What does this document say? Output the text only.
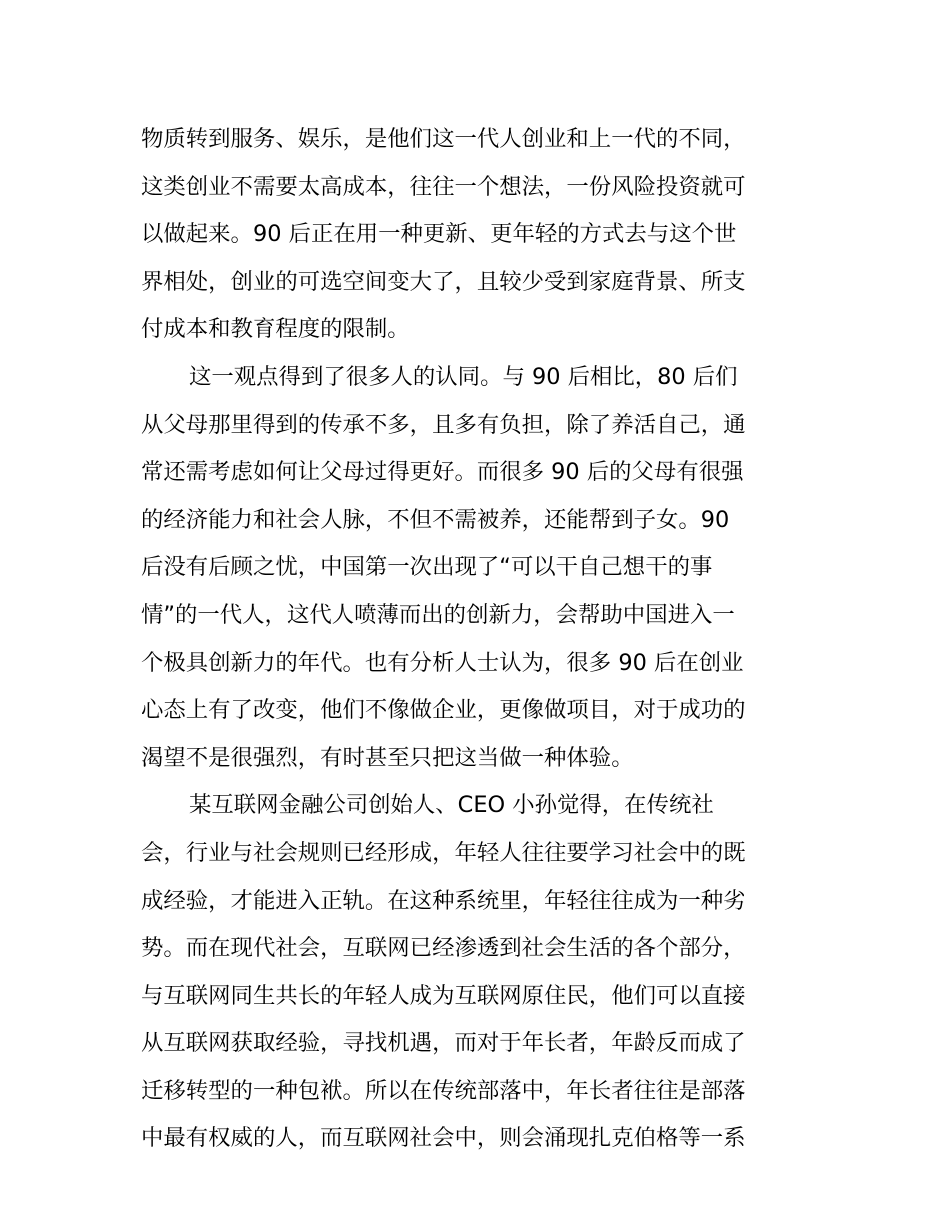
物质转到服务、娱乐，是他们这一代人创业和上一代的不同，
这类创业不需要太高成本，往往一个想法，一份风险投资就可
以做起来。90 后正在用一种更新、更年轻的方式去与这个世
界相处，创业的可选空间变大了，且较少受到家庭背景、所支
付成本和教育程度的限制。
这一观点得到了很多人的认同。与 90 后相比，80 后们
从父母那里得到的传承不多，且多有负担，除了养活自己，通
常还需考虑如何让父母过得更好。而很多 90 后的父母有很强
的经济能力和社会人脉，不但不需被养，还能帮到子女。90
后没有后顾之忧，中国第一次出现了“可以干自己想干的事
情”的一代人，这代人喷薄而出的创新力，会帮助中国进入一
个极具创新力的年代。也有分析人士认为，很多 90 后在创业
心态上有了改变，他们不像做企业，更像做项目，对于成功的
渴望不是很强烈，有时甚至只把这当做一种体验。
某互联网金融公司创始人、CEO 小孙觉得，在传统社
会，行业与社会规则已经形成，年轻人往往要学习社会中的既
成经验，才能进入正轨。在这种系统里，年轻往往成为一种劣
势。而在现代社会，互联网已经渗透到社会生活的各个部分，
与互联网同生共长的年轻人成为互联网原住民，他们可以直接
从互联网获取经验，寻找机遇，而对于年长者，年龄反而成了
迁移转型的一种包袱。所以在传统部落中，年长者往往是部落
中最有权威的人，而互联网社会中，则会涌现扎克伯格等一系
